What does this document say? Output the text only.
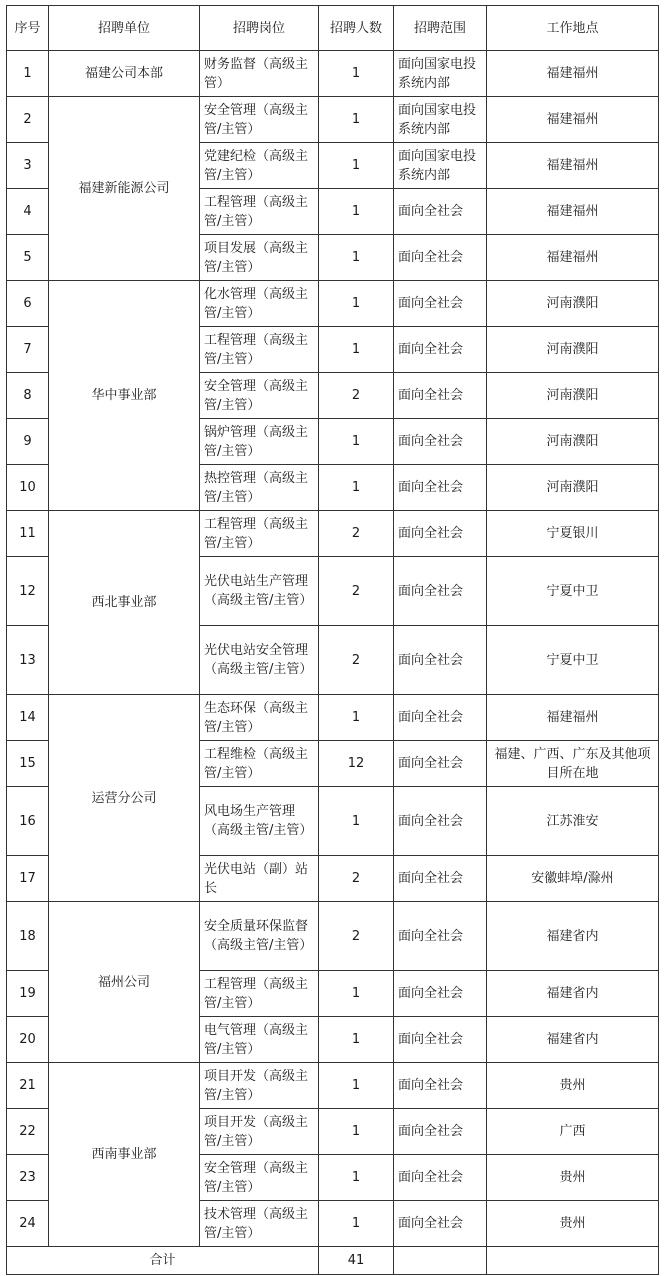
序号	招聘单位	招聘岗位	招聘人数	招聘范围	工作地点
1	福建公司本部	财务监督（高级主管）	1	面向国家电投系统内部	福建福州
2	福建新能源公司	安全管理（高级主管/主管）	1	面向国家电投系统内部	福建福州
3		党建纪检（高级主管/主管）	1	面向国家电投系统内部	福建福州
4		工程管理（高级主管/主管）	1	面向全社会	福建福州
5		项目发展（高级主管/主管）	1	面向全社会	福建福州
6	华中事业部	化水管理（高级主管/主管）	1	面向全社会	河南濮阳
7		工程管理（高级主管/主管）	1	面向全社会	河南濮阳
8		安全管理（高级主管/主管）	2	面向全社会	河南濮阳
9		锅炉管理（高级主管/主管）	1	面向全社会	河南濮阳
10		热控管理（高级主管/主管）	1	面向全社会	河南濮阳
11	西北事业部	工程管理（高级主管/主管）	2	面向全社会	宁夏银川
12		光伏电站生产管理（高级主管/主管）	2	面向全社会	宁夏中卫
13		光伏电站安全管理（高级主管/主管）	2	面向全社会	宁夏中卫
14	运营分公司	生态环保（高级主管/主管）	1	面向全社会	福建福州
15		工程维检（高级主管/主管）	12	面向全社会	福建、广西、广东及其他项目所在地
16		风电场生产管理（高级主管/主管）	1	面向全社会	江苏淮安
17		光伏电站（副）站长	2	面向全社会	安徽蚌埠/滁州
18	福州公司	安全质量环保监督（高级主管/主管）	2	面向全社会	福建省内
19		工程管理（高级主管/主管）	1	面向全社会	福建省内
20		电气管理（高级主管/主管）	1	面向全社会	福建省内
21	西南事业部	项目开发（高级主管/主管）	1	面向全社会	贵州
22		项目开发（高级主管/主管）	1	面向全社会	广西
23		安全管理（高级主管/主管）	1	面向全社会	贵州
24		技术管理（高级主管/主管）	1	面向全社会	贵州
合计			41		
